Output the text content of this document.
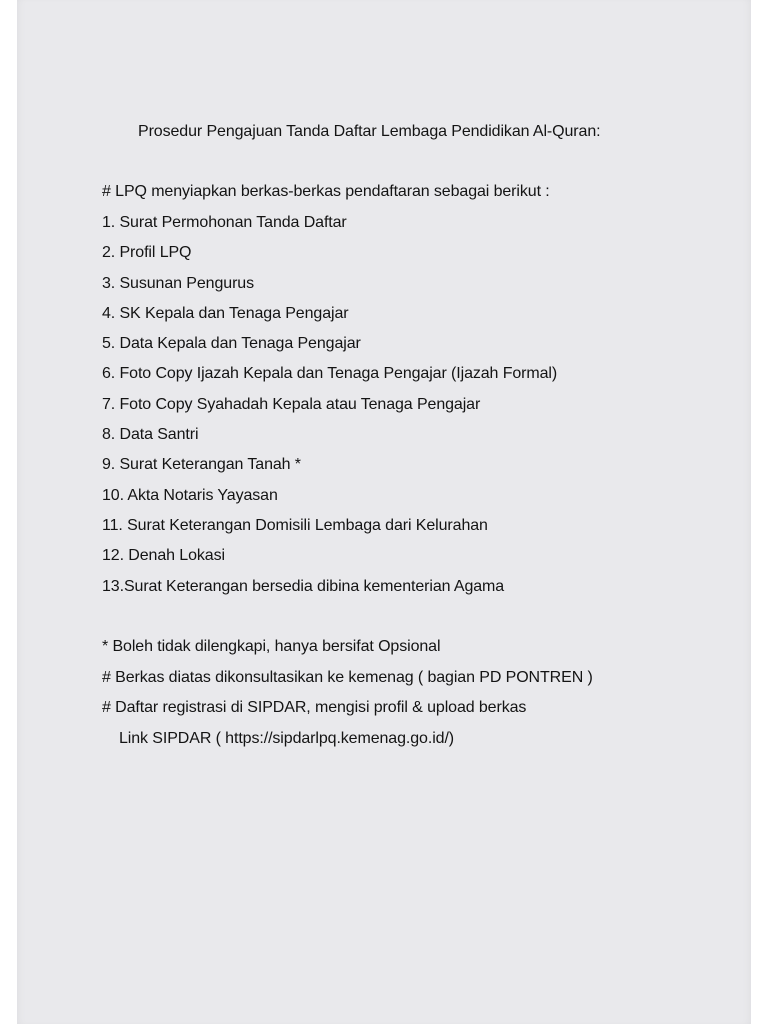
Prosedur Pengajuan Tanda Daftar Lembaga Pendidikan Al-Quran:
# LPQ menyiapkan berkas-berkas pendaftaran sebagai berikut :
1. Surat Permohonan Tanda Daftar
2. Profil LPQ
3. Susunan Pengurus
4. SK Kepala dan Tenaga Pengajar
5. Data Kepala dan Tenaga Pengajar
6. Foto Copy Ijazah Kepala dan Tenaga Pengajar (Ijazah Formal)
7. Foto Copy Syahadah Kepala atau Tenaga Pengajar
8. Data Santri
9. Surat Keterangan Tanah *
10. Akta Notaris Yayasan
11. Surat Keterangan Domisili Lembaga dari Kelurahan
12. Denah Lokasi
13.Surat Keterangan bersedia dibina kementerian Agama
* Boleh tidak dilengkapi, hanya bersifat Opsional
# Berkas diatas dikonsultasikan ke kemenag ( bagian PD PONTREN )
# Daftar registrasi di SIPDAR, mengisi profil & upload berkas
Link SIPDAR ( https://sipdarlpq.kemenag.go.id/)
